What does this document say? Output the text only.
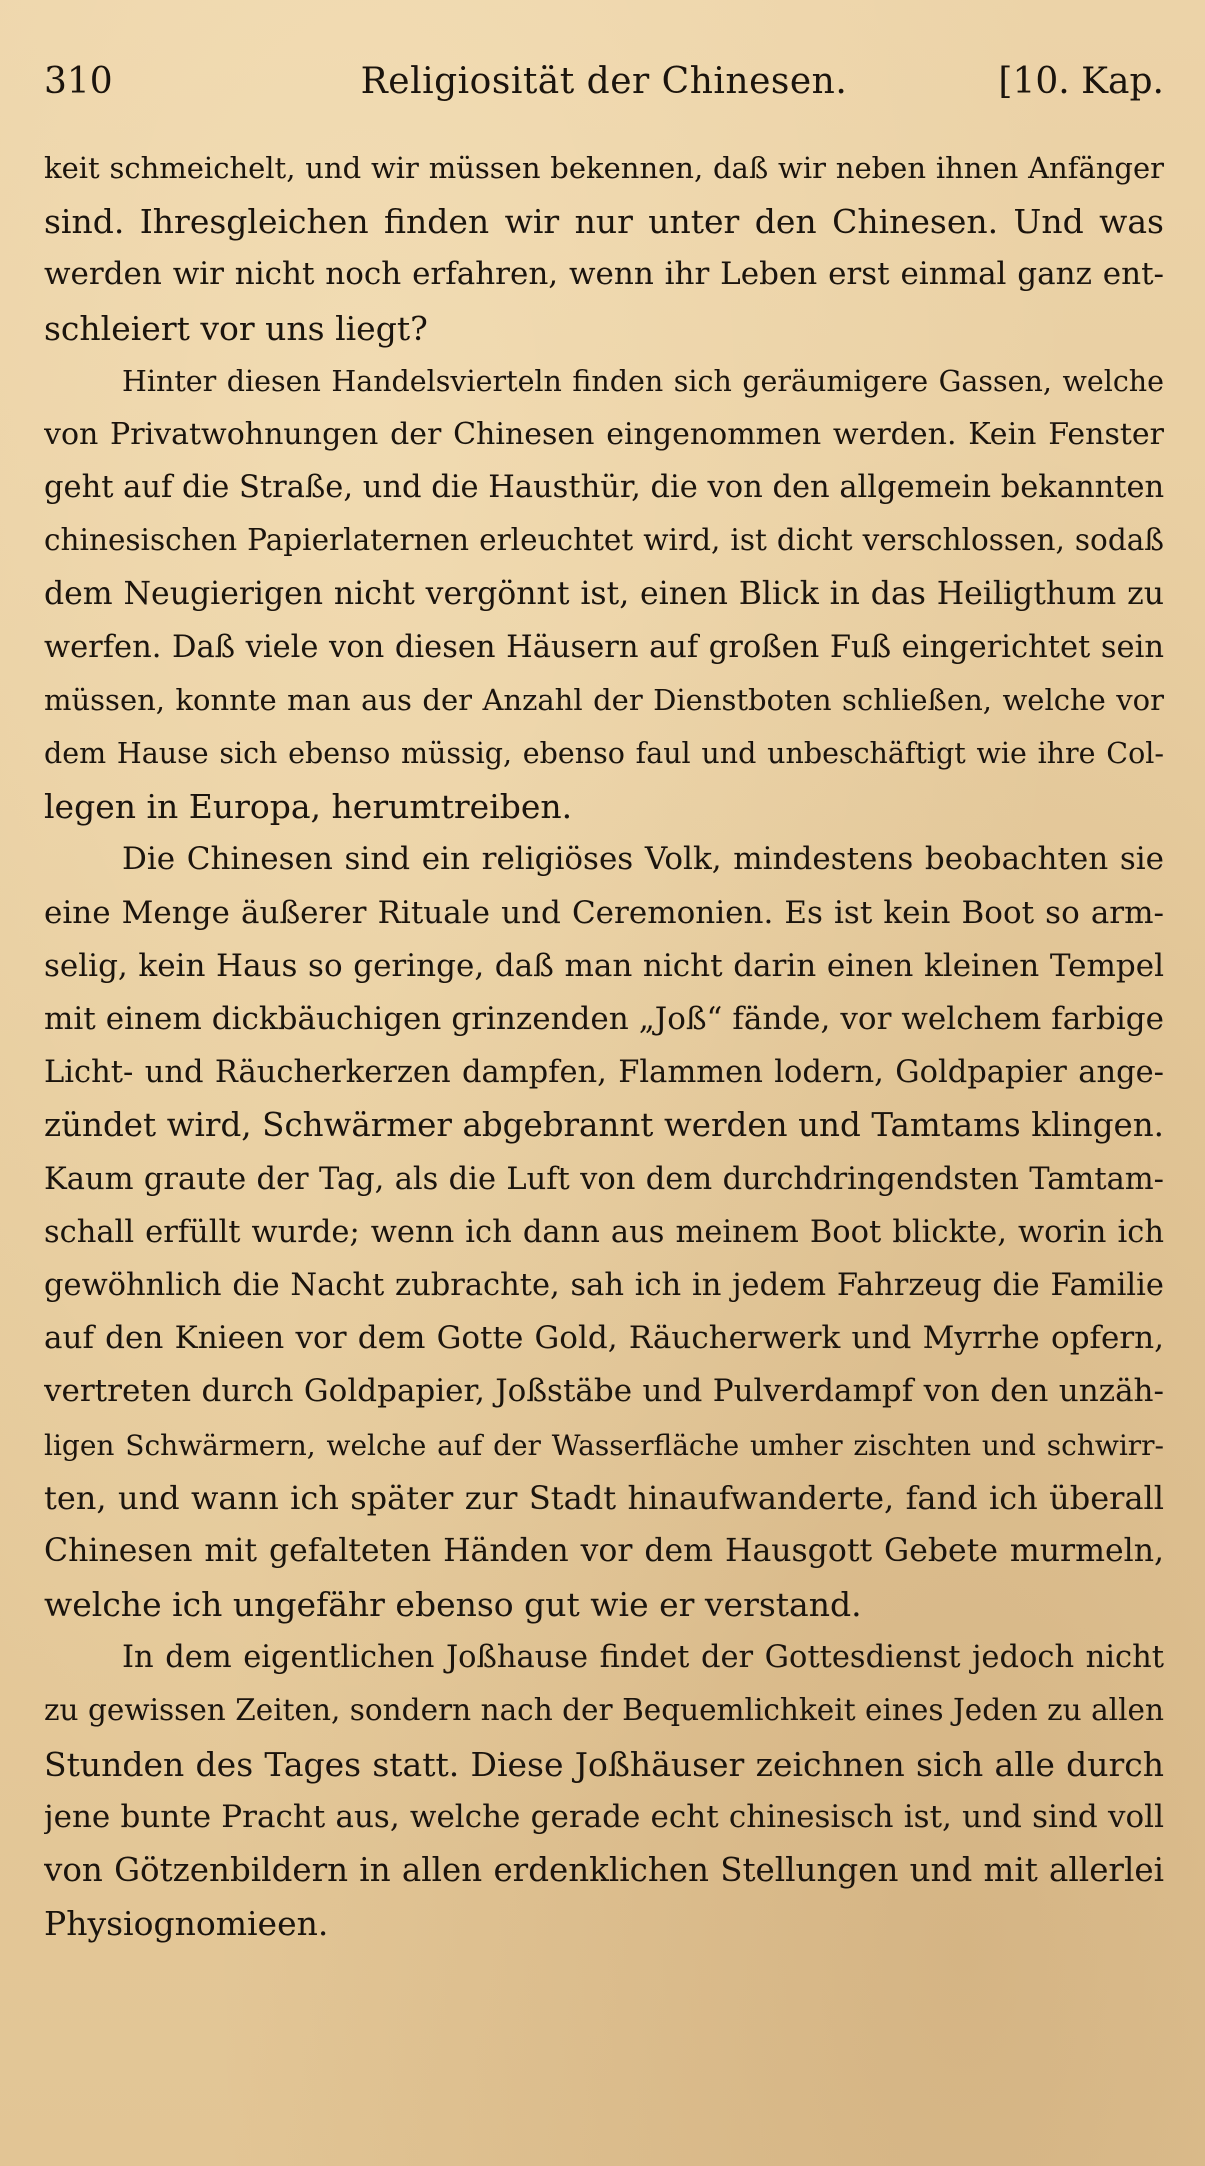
310	Religiosität der Chinesen.	[10. Kap.
keit schmeichelt, und wir müssen bekennen, daß wir neben ihnen Anfänger
sind. Ihresgleichen finden wir nur unter den Chinesen. Und was
werden wir nicht noch erfahren, wenn ihr Leben erst einmal ganz ent-
schleiert vor uns liegt?
Hinter diesen Handelsvierteln finden sich geräumigere Gassen, welche
von Privatwohnungen der Chinesen eingenommen werden. Kein Fenster
geht auf die Straße, und die Hausthür, die von den allgemein bekannten
chinesischen Papierlaternen erleuchtet wird, ist dicht verschlossen, sodaß
dem Neugierigen nicht vergönnt ist, einen Blick in das Heiligthum zu
werfen. Daß viele von diesen Häusern auf großen Fuß eingerichtet sein
müssen, konnte man aus der Anzahl der Dienstboten schließen, welche vor
dem Hause sich ebenso müssig, ebenso faul und unbeschäftigt wie ihre Col-
legen in Europa, herumtreiben.
Die Chinesen sind ein religiöses Volk, mindestens beobachten sie
eine Menge äußerer Rituale und Ceremonien. Es ist kein Boot so arm-
selig, kein Haus so geringe, daß man nicht darin einen kleinen Tempel
mit einem dickbäuchigen grinzenden „Joß“ fände, vor welchem farbige
Licht- und Räucherkerzen dampfen, Flammen lodern, Goldpapier ange-
zündet wird, Schwärmer abgebrannt werden und Tamtams klingen.
Kaum graute der Tag, als die Luft von dem durchdringendsten Tamtam-
schall erfüllt wurde; wenn ich dann aus meinem Boot blickte, worin ich
gewöhnlich die Nacht zubrachte, sah ich in jedem Fahrzeug die Familie
auf den Knieen vor dem Gotte Gold, Räucherwerk und Myrrhe opfern,
vertreten durch Goldpapier, Joßstäbe und Pulverdampf von den unzäh-
ligen Schwärmern, welche auf der Wasserfläche umher zischten und schwirr-
ten, und wann ich später zur Stadt hinaufwanderte, fand ich überall
Chinesen mit gefalteten Händen vor dem Hausgott Gebete murmeln,
welche ich ungefähr ebenso gut wie er verstand.
In dem eigentlichen Joßhause findet der Gottesdienst jedoch nicht
zu gewissen Zeiten, sondern nach der Bequemlichkeit eines Jeden zu allen
Stunden des Tages statt. Diese Joßhäuser zeichnen sich alle durch
jene bunte Pracht aus, welche gerade echt chinesisch ist, und sind voll
von Götzenbildern in allen erdenklichen Stellungen und mit allerlei
Physiognomieen.
